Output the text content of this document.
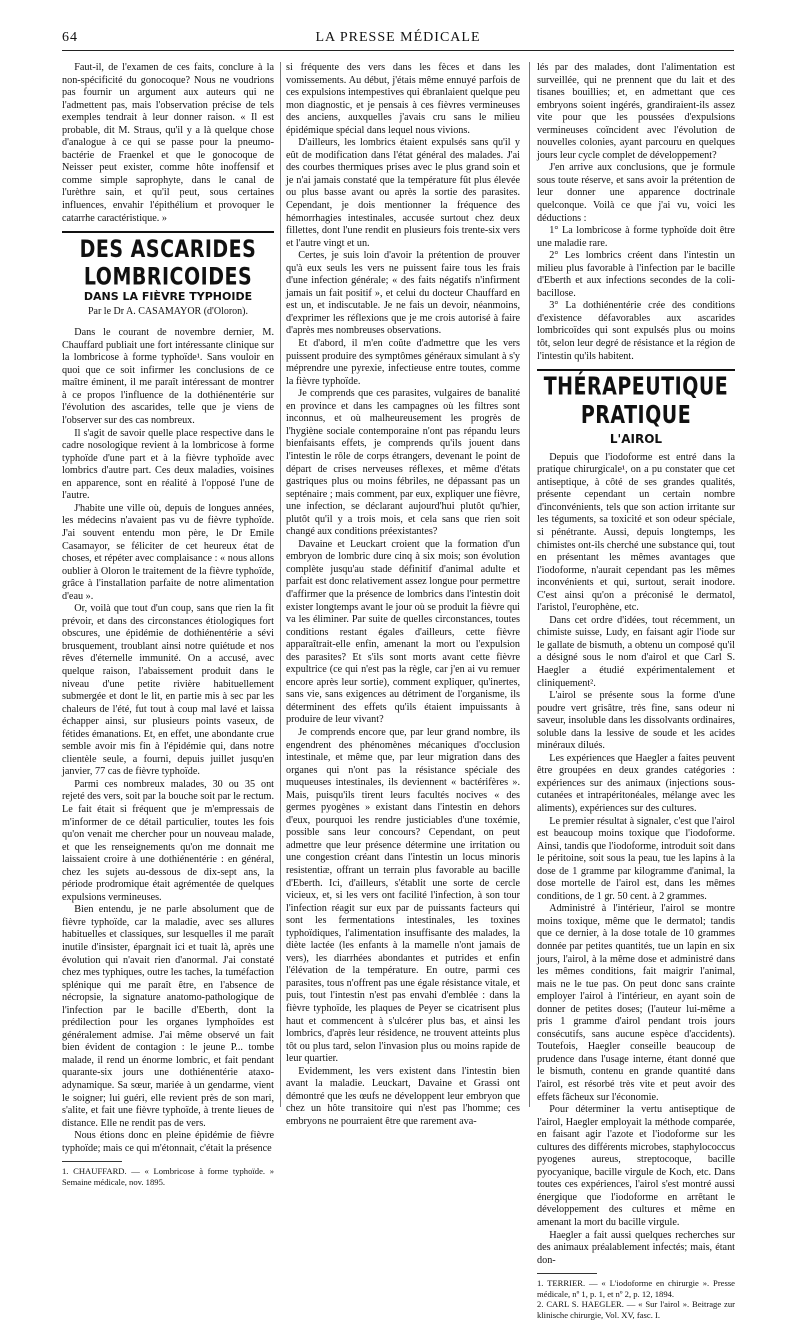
64	LA PRESSE MÉDICALE

Faut-il, de l'examen de ces faits, conclure à la non-spécificité du gonocoque? Nous ne voudrions pas fournir un argument aux auteurs qui ne l'admettent pas, mais l'observation précise de tels exemples tendrait à leur donner raison. « Il est probable, dit M. Straus, qu'il y a là quelque chose d'analogue à ce qui se passe pour la pneumo-bactérie de Fraenkel et que le gonocoque de Neisser peut exister, comme hôte inoffensif et comme simple saprophyte, dans le canal de l'urèthre sain, et qu'il peut, sous certaines influences, envahir l'épithélium et provoquer le catarrhe caractéristique. »

DES ASCARIDES LOMBRICOIDES
DANS LA FIÈVRE TYPHOIDE
Par le Dr A. CASAMAYOR (d'Oloron).

Dans le courant de novembre dernier, M. Chauffard publiait une fort intéressante clinique sur la lombricose à forme typhoïde¹. Sans vouloir en quoi que ce soit infirmer les conclusions de ce maître éminent, il me paraît intéressant de montrer à ce propos l'influence de la dothiénentérie sur l'évolution des ascarides, telle que je viens de l'observer sur des cas nombreux.

Il s'agit de savoir quelle place respective dans le cadre nosologique revient à la lombricose à forme typhoïde d'une part et à la fièvre typhoïde avec lombrics d'autre part. Ces deux maladies, voisines en apparence, sont en réalité à l'opposé l'une de l'autre.

J'habite une ville où, depuis de longues années, les médecins n'avaient pas vu de fièvre typhoïde. J'ai souvent entendu mon père, le Dr Emile Casamayor, se féliciter de cet heureux état de choses, et répéter avec complaisance : « nous allons oublier à Oloron le traitement de la fièvre typhoïde, grâce à l'installation parfaite de notre alimentation d'eau ».

Or, voilà que tout d'un coup, sans que rien la fit prévoir, et dans des circonstances étiologiques fort obscures, une épidémie de dothiénentérie a sévi brusquement, troublant ainsi notre quiétude et nos rêves d'éternelle immunité. On a accusé, avec quelque raison, l'abaissement produit dans le niveau d'une petite rivière habituellement submergée et dont le lit, en partie mis à sec par les chaleurs de l'été, fut tout à coup mal lavé et laissa échapper ainsi, sur plusieurs points vaseux, de fétides émanations. Et, en effet, une abondante crue semble avoir mis fin à l'épidémie qui, dans notre clientèle seule, a fourni, depuis juillet jusqu'en janvier, 77 cas de fièvre typhoïde.

Parmi ces nombreux malades, 30 ou 35 ont rejeté des vers, soit par la bouche soit par le rectum. Le fait était si fréquent que je m'empressais de m'informer de ce détail particulier, toutes les fois qu'on venait me chercher pour un nouveau malade, et que les renseignements qu'on me donnait me laissaient croire à une dothiénentérie : en général, chez les sujets au-dessous de dix-sept ans, la période prodromique était agrémentée de quelques expulsions vermineuses.

Bien entendu, je ne parle absolument que de fièvre typhoïde, car la maladie, avec ses allures habituelles et classiques, sur lesquelles il me paraît inutile d'insister, épargnait ici et tuait là, après une évolution qui n'avait rien d'anormal. J'ai constaté chez mes typhiques, outre les taches, la tuméfaction splénique qui me paraît être, en l'absence de nécropsie, la signature anatomo-pathologique de l'infection par le bacille d'Eberth, dont la prédilection pour les organes lymphoïdes est généralement admise. J'ai même observé un fait bien évident de contagion : le jeune P... tombe malade, il rend un énorme lombric, et fait pendant quarante-six jours une dothiénentérie ataxo-adynamique. Sa sœur, mariée à un gendarme, vient le soigner; lui guéri, elle revient près de son mari, s'alite, et fait une fièvre typhoïde, à trente lieues de distance. Elle ne rendit pas de vers.

Nous étions donc en pleine épidémie de fièvre typhoïde; mais ce qui m'étonnait, c'était la présence

1. CHAUFFARD. — « Lombricose à forme typhoïde. » Semaine médicale, nov. 1895.

si fréquente des vers dans les fèces et dans les vomissements. Au début, j'étais même ennuyé parfois de ces expulsions intempestives qui ébranlaient quelque peu mon diagnostic, et je pensais à ces fièvres vermineuses des anciens, auxquelles j'avais cru sans le milieu épidémique spécial dans lequel nous vivions.

D'ailleurs, les lombrics étaient expulsés sans qu'il y eût de modification dans l'état général des malades. J'ai des courbes thermiques prises avec le plus grand soin et je n'ai jamais constaté que la température fût plus élevée ou plus basse avant ou après la sortie des parasites. Cependant, je dois mentionner la fréquence des hémorrhagies intestinales, accusée surtout chez deux fillettes, dont l'une rendit en plusieurs fois trente-six vers et l'autre vingt et un.

Certes, je suis loin d'avoir la prétention de prouver qu'à eux seuls les vers ne puissent faire tous les frais d'une infection générale; « des faits négatifs n'infirment jamais un fait positif », et celui du docteur Chauffard en est un, et indiscutable. Je ne fais un devoir, néanmoins, d'exprimer les réflexions que je me crois autorisé à faire d'après mes nombreuses observations.

Et d'abord, il m'en coûte d'admettre que les vers puissent produire des symptômes généraux simulant à s'y méprendre une pyrexie, infectieuse entre toutes, comme la fièvre typhoïde.

Je comprends que ces parasites, vulgaires de banalité en province et dans les campagnes où les filtres sont inconnus, et où malheureusement les progrès de l'hygiène sociale contemporaine n'ont pas répandu leurs bienfaisants effets, je comprends qu'ils jouent dans l'intestin le rôle de corps étrangers, devenant le point de départ de crises nerveuses réflexes, et même d'états gastriques plus ou moins fébriles, ne dépassant pas un septénaire ; mais comment, par eux, expliquer une fièvre, une infection, se déclarant aujourd'hui plutôt qu'hier, plutôt qu'il y a trois mois, et cela sans que rien soit changé aux conditions préexistantes?

Davaine et Leuckart croient que la formation d'un embryon de lombric dure cinq à six mois; son évolution complète jusqu'au stade définitif d'animal adulte et parfait est donc relativement assez longue pour permettre d'affirmer que la présence de lombrics dans l'intestin doit exister longtemps avant le jour où se produit la fièvre qui va les éliminer. Par suite de quelles circonstances, toutes conditions restant égales d'ailleurs, cette fièvre apparaîtrait-elle enfin, amenant la mort ou l'expulsion des parasites? Et s'ils sont morts avant cette fièvre expultrice (ce qui n'est pas la règle, car j'en ai vu remuer encore après leur sortie), comment expliquer, qu'inertes, sans vie, sans exigences au détriment de l'organisme, ils déterminent des effets qu'ils étaient impuissants à produire de leur vivant?

Je comprends encore que, par leur grand nombre, ils engendrent des phénomènes mécaniques d'occlusion intestinale, et même que, par leur migration dans des organes qui n'ont pas la résistance spéciale des muqueuses intestinales, ils deviennent « bactérifères ». Mais, puisqu'ils tirent leurs facultés nocives « des germes pyogènes » existant dans l'intestin en dehors d'eux, pourquoi les rendre justiciables d'une toxémie, possible sans leur concours? Cependant, on peut admettre que leur présence détermine une irritation ou une congestion créant dans l'intestin un locus minoris resistentiæ, offrant un terrain plus favorable au bacille d'Eberth. Ici, d'ailleurs, s'établit une sorte de cercle vicieux, et, si les vers ont facilité l'infection, à son tour l'infection réagit sur eux par de puissants facteurs qui sont les fermentations intestinales, les toxines typhoïdiques, l'alimentation insuffisante des malades, la diète lactée (les enfants à la mamelle n'ont jamais de vers), les diarrhées abondantes et putrides et enfin l'élévation de la température. En outre, parmi ces parasites, tous n'offrent pas une égale résistance vitale, et puis, tout l'intestin n'est pas envahi d'emblée : dans la fièvre typhoïde, les plaques de Peyer se cicatrisent plus haut et commencent à s'ulcérer plus bas, et ainsi les lombrics, d'après leur résidence, ne trouvent atteints plus tôt ou plus tard, selon l'invasion plus ou moins rapide de leur quartier.

Evidemment, les vers existent dans l'intestin bien avant la maladie. Leuckart, Davaine et Grassi ont démontré que les œufs ne développent leur embryon que chez un hôte transitoire qui n'est pas l'homme; ces embryons ne pourraient être que rarement ava-

lés par des malades, dont l'alimentation est surveillée, qui ne prennent que du lait et des tisanes bouillies; et, en admettant que ces embryons soient ingérés, grandiraient-ils assez vite pour que les poussées d'expulsions vermineuses coïncident avec l'évolution de nouvelles colonies, ayant parcouru en quelques jours leur cycle complet de développement?

J'en arrive aux conclusions, que je formule sous toute réserve, et sans avoir la prétention de leur donner une apparence doctrinale quelconque. Voilà ce que j'ai vu, voici les déductions :

1° La lombricose à forme typhoïde doit être une maladie rare.

2° Les lombrics créent dans l'intestin un milieu plus favorable à l'infection par le bacille d'Eberth et aux infections secondes de la coli-bacillose.

3° La dothiénentérie crée des conditions d'existence défavorables aux ascarides lombricoïdes qui sont expulsés plus ou moins tôt, selon leur degré de résistance et la région de l'intestin qu'ils habitent.

THÉRAPEUTIQUE PRATIQUE
L'AIROL

Depuis que l'iodoforme est entré dans la pratique chirurgicale¹, on a pu constater que cet antiseptique, à côté de ses grandes qualités, présente cependant un certain nombre d'inconvénients, tels que son action irritante sur les téguments, sa toxicité et son odeur spéciale, si pénétrante. Aussi, depuis longtemps, les chimistes ont-ils cherché une substance qui, tout en présentant les mêmes avantages que l'iodoforme, n'aurait cependant pas les mêmes inconvénients et qui, surtout, serait inodore. C'est ainsi qu'on a préconisé le dermatol, l'aristol, l'europhène, etc.

Dans cet ordre d'idées, tout récemment, un chimiste suisse, Ludy, en faisant agir l'iode sur le gallate de bismuth, a obtenu un composé qu'il a désigné sous le nom d'airol et que Carl S. Haegler a étudié expérimentalement et cliniquement².

L'airol se présente sous la forme d'une poudre vert grisâtre, très fine, sans odeur ni saveur, insoluble dans les dissolvants ordinaires, soluble dans la lessive de soude et les acides minéraux dilués.

Les expériences que Haegler a faites peuvent être groupées en deux grandes catégories : expériences sur des animaux (injections sous-cutanées et intrapéritonéales, mélange avec les aliments), expériences sur des cultures.

Le premier résultat à signaler, c'est que l'airol est beaucoup moins toxique que l'iodoforme. Ainsi, tandis que l'iodoforme, introduit soit dans le péritoine, soit sous la peau, tue les lapins à la dose de 1 gramme par kilogramme d'animal, la dose mortelle de l'airol est, dans les mêmes conditions, de 1 gr. 50 cent. à 2 grammes.

Administré à l'intérieur, l'airol se montre moins toxique, même que le dermatol; tandis que ce dernier, à la dose totale de 10 grammes donnée par petites quantités, tue un lapin en six jours, l'airol, à la même dose et administré dans les mêmes conditions, fait maigrir l'animal, mais ne le tue pas. On peut donc sans crainte employer l'airol à l'intérieur, en ayant soin de donner de petites doses; (l'auteur lui-même a pris 1 gramme d'airol pendant trois jours consécutifs, sans aucune espèce d'accidents). Toutefois, Haegler conseille beaucoup de prudence dans l'usage interne, étant donné que le bismuth, contenu en grande quantité dans l'airol, est résorbé très vite et peut avoir des effets fâcheux sur l'économie.

Pour déterminer la vertu antiseptique de l'airol, Haegler employait la méthode comparée, en faisant agir l'azote et l'iodoforme sur les cultures des différents microbes, staphylococcus pyogenes aureus, streptocoque, bacille pyocyanique, bacille virgule de Koch, etc. Dans toutes ces expériences, l'airol s'est montré aussi énergique que l'iodoforme en arrêtant le développement des cultures et même en amenant la mort du bacille virgule.

Haegler a fait aussi quelques recherches sur des animaux préalablement infectés; mais, étant don-

1. TERRIER. — « L'iodoforme en chirurgie ». Presse médicale, nº 1, p. 1, et nº 2, p. 12, 1894.

2. CARL S. HAEGLER. — « Sur l'airol ». Beitrage zur klinische chirurgie, Vol. XV, fasc. I.
